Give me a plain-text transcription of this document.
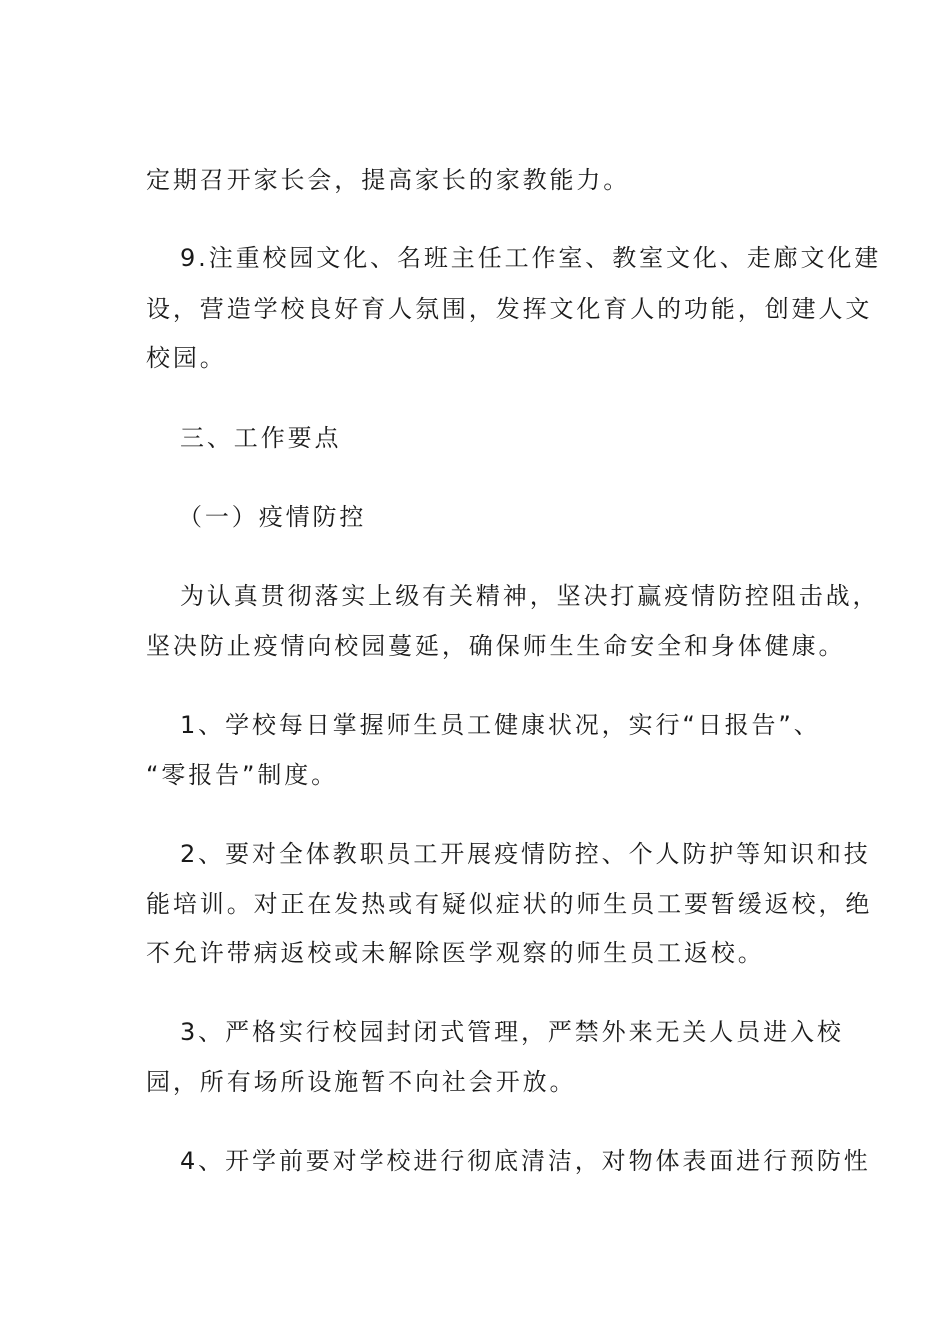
定期召开家长会，提高家长的家教能力。
9.注重校园文化、名班主任工作室、教室文化、走廊文化建
设，营造学校良好育人氛围，发挥文化育人的功能，创建人文
校园。
三、工作要点
（一）疫情防控
为认真贯彻落实上级有关精神，坚决打赢疫情防控阻击战，
坚决防止疫情向校园蔓延，确保师生生命安全和身体健康。
1、学校每日掌握师生员工健康状况，实行“日报告”、
“零报告”制度。
2、要对全体教职员工开展疫情防控、个人防护等知识和技
能培训。对正在发热或有疑似症状的师生员工要暂缓返校，绝
不允许带病返校或未解除医学观察的师生员工返校。
3、严格实行校园封闭式管理，严禁外来无关人员进入校
园，所有场所设施暂不向社会开放。
4、开学前要对学校进行彻底清洁，对物体表面进行预防性
